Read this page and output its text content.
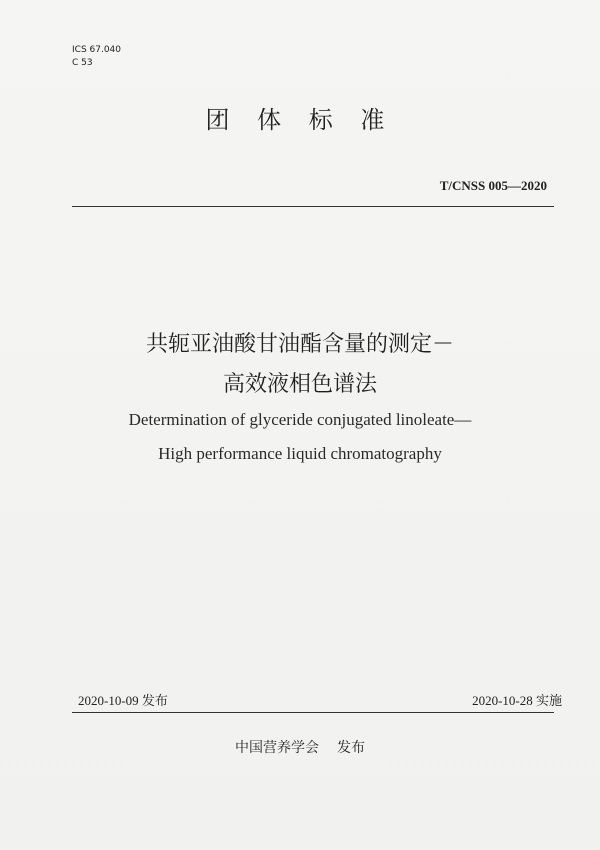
ICS 67.040
C 53
团 体 标 准
T/CNSS 005—2020
共轭亚油酸甘油酯含量的测定－
高效液相色谱法
Determination of glyceride conjugated linoleate—
High performance liquid chromatography
2020-10-09 发布	2020-10-28 实施
中国营养学会 发布
